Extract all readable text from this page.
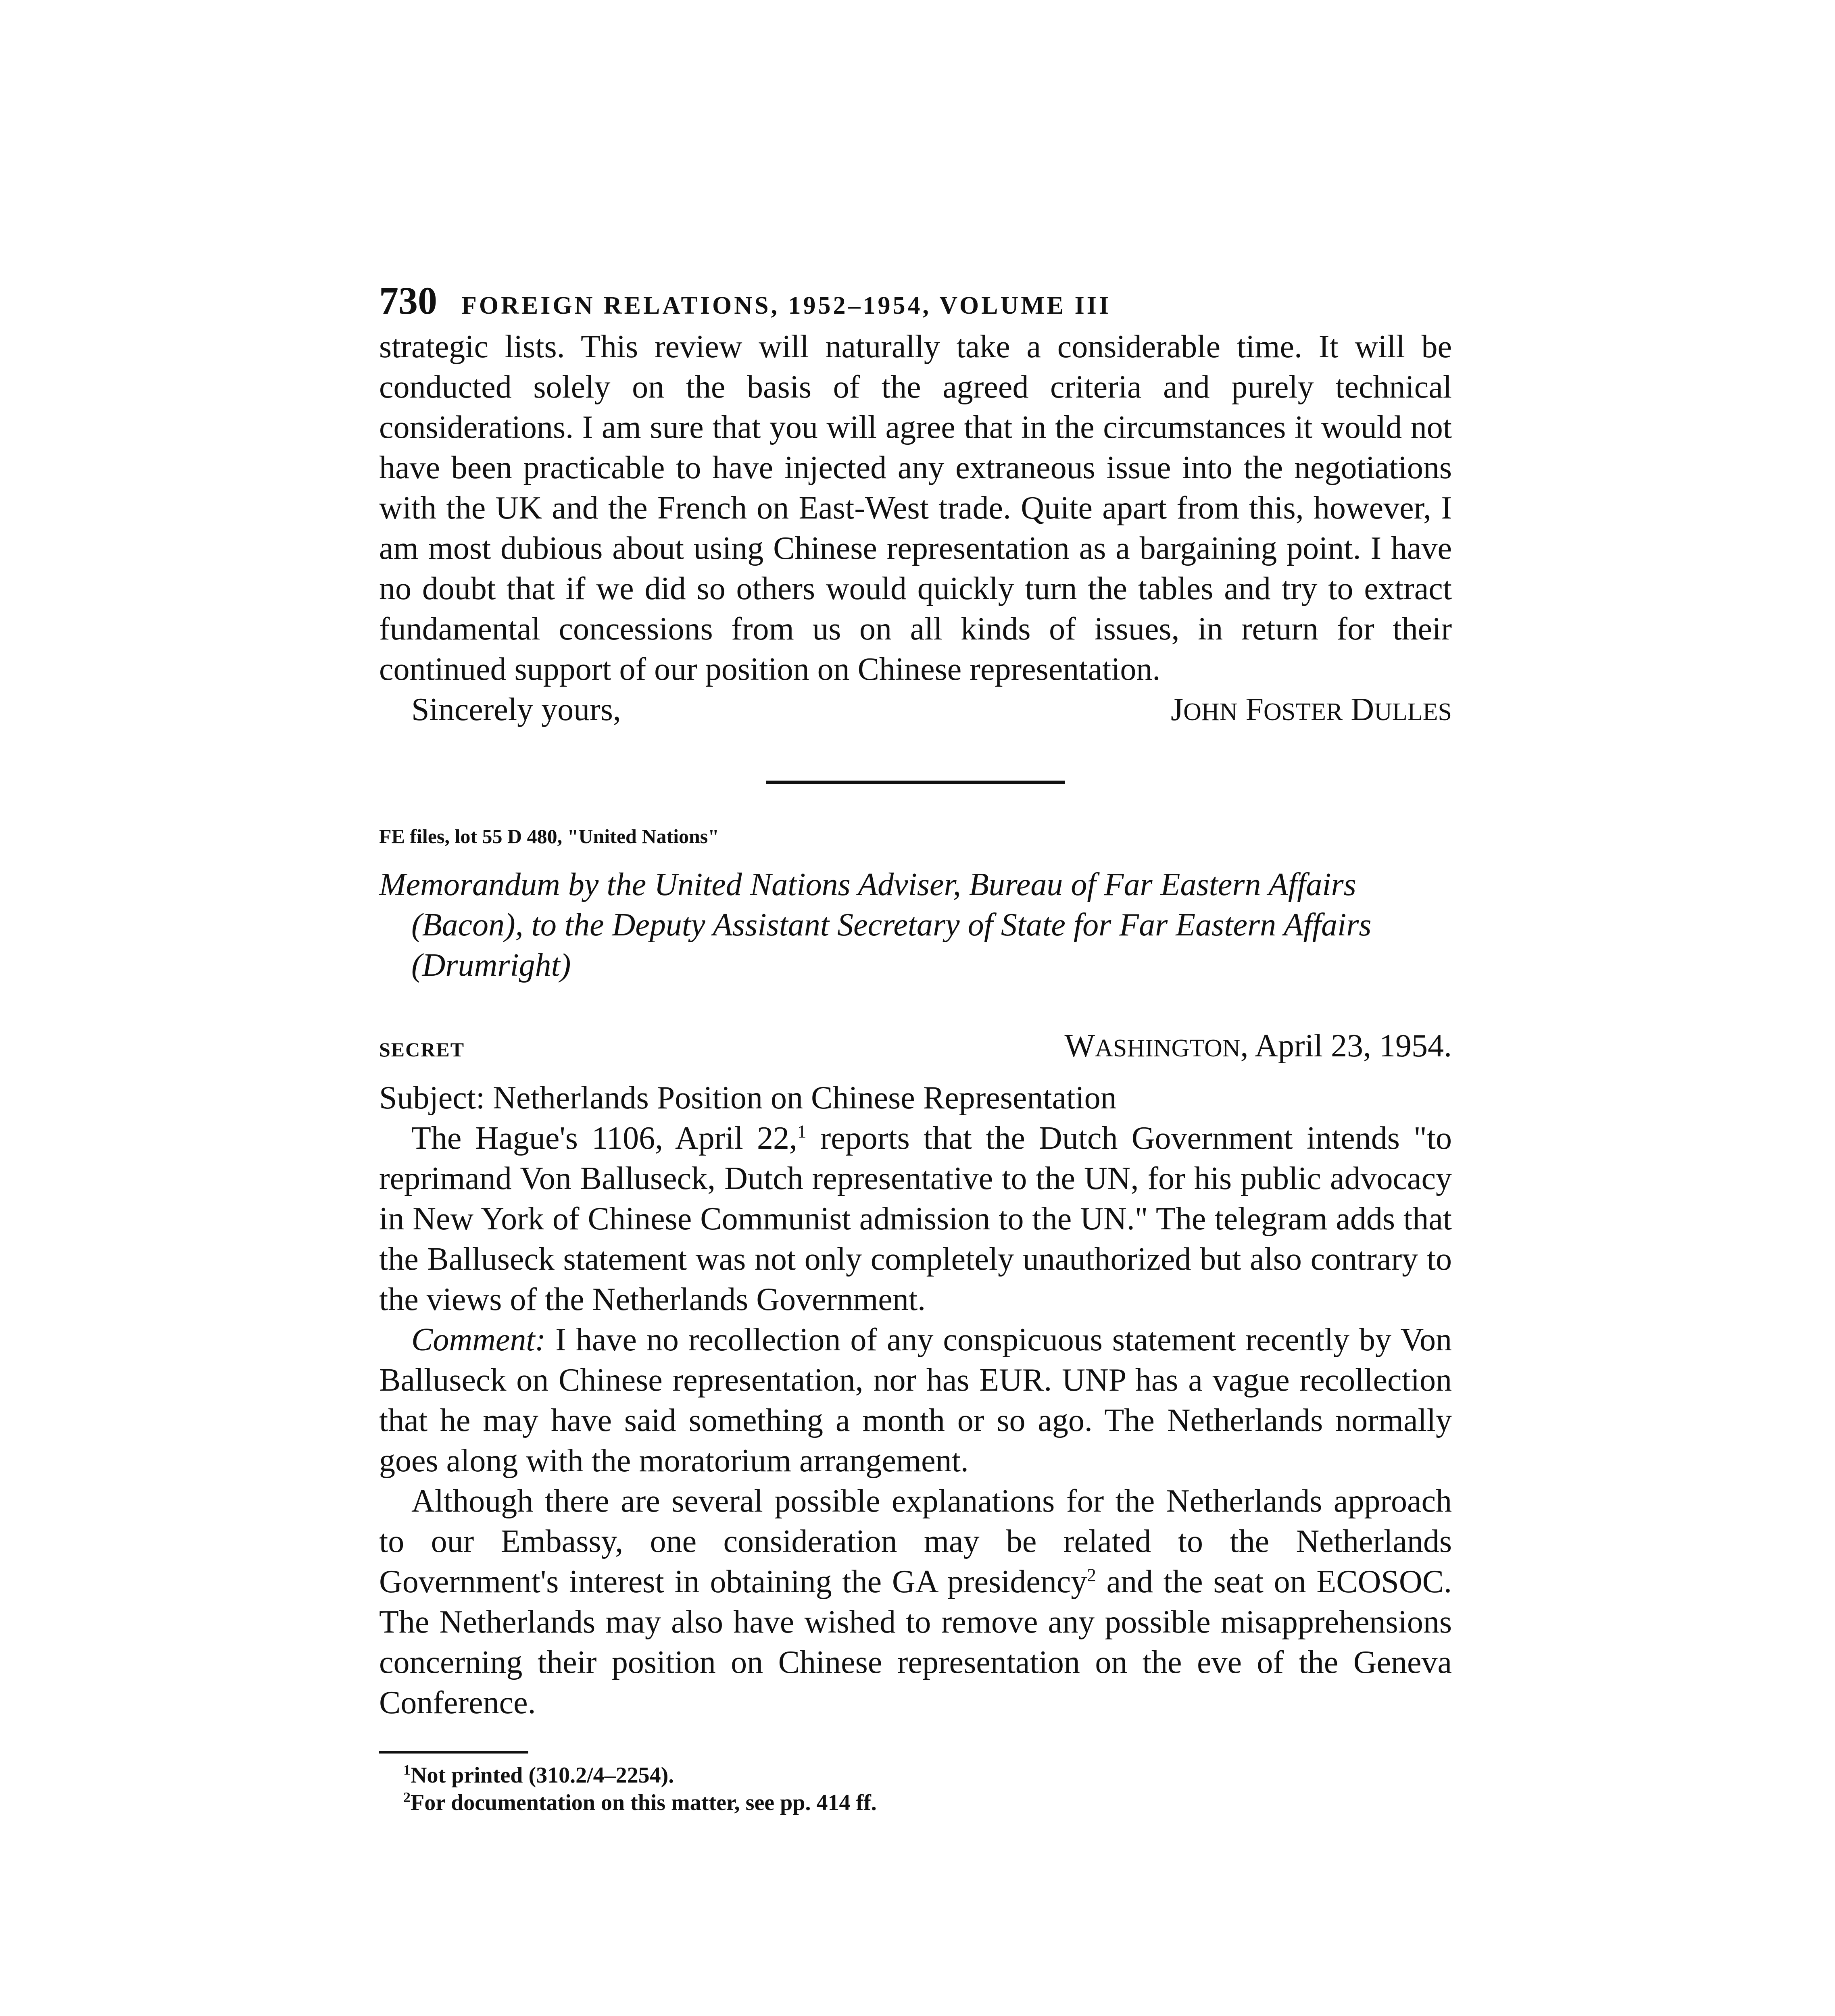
730 FOREIGN RELATIONS, 1952–1954, VOLUME III

strategic lists. This review will naturally take a considerable time. It will be conducted solely on the basis of the agreed criteria and purely technical considerations. I am sure that you will agree that in the circumstances it would not have been practicable to have injected any extraneous issue into the negotiations with the UK and the French on East-West trade. Quite apart from this, however, I am most dubious about using Chinese representation as a bargaining point. I have no doubt that if we did so others would quickly turn the tables and try to extract fundamental concessions from us on all kinds of issues, in return for their continued support of our position on Chinese representation.

Sincerely yours,	JOHN FOSTER DULLES
FE files, lot 55 D 480, "United Nations"
Memorandum by the United Nations Adviser, Bureau of Far Eastern Affairs (Bacon), to the Deputy Assistant Secretary of State for Far Eastern Affairs (Drumright)
SECRET	WASHINGTON, April 23, 1954.
Subject: Netherlands Position on Chinese Representation

The Hague's 1106, April 22,$^1$ reports that the Dutch Government intends "to reprimand Von Balluseck, Dutch representative to the UN, for his public advocacy in New York of Chinese Communist admission to the UN." The telegram adds that the Balluseck statement was not only completely unauthorized but also contrary to the views of the Netherlands Government.

Comment: I have no recollection of any conspicuous statement recently by Von Balluseck on Chinese representation, nor has EUR. UNP has a vague recollection that he may have said something a month or so ago. The Netherlands normally goes along with the moratorium arrangement.

Although there are several possible explanations for the Netherlands approach to our Embassy, one consideration may be related to the Netherlands Government's interest in obtaining the GA presidency$^2$ and the seat on ECOSOC. The Netherlands may also have wished to remove any possible misapprehensions concerning their position on Chinese representation on the eve of the Geneva Conference.

$^1$Not printed (310.2/4–2254).
$^2$For documentation on this matter, see pp. 414 ff.
